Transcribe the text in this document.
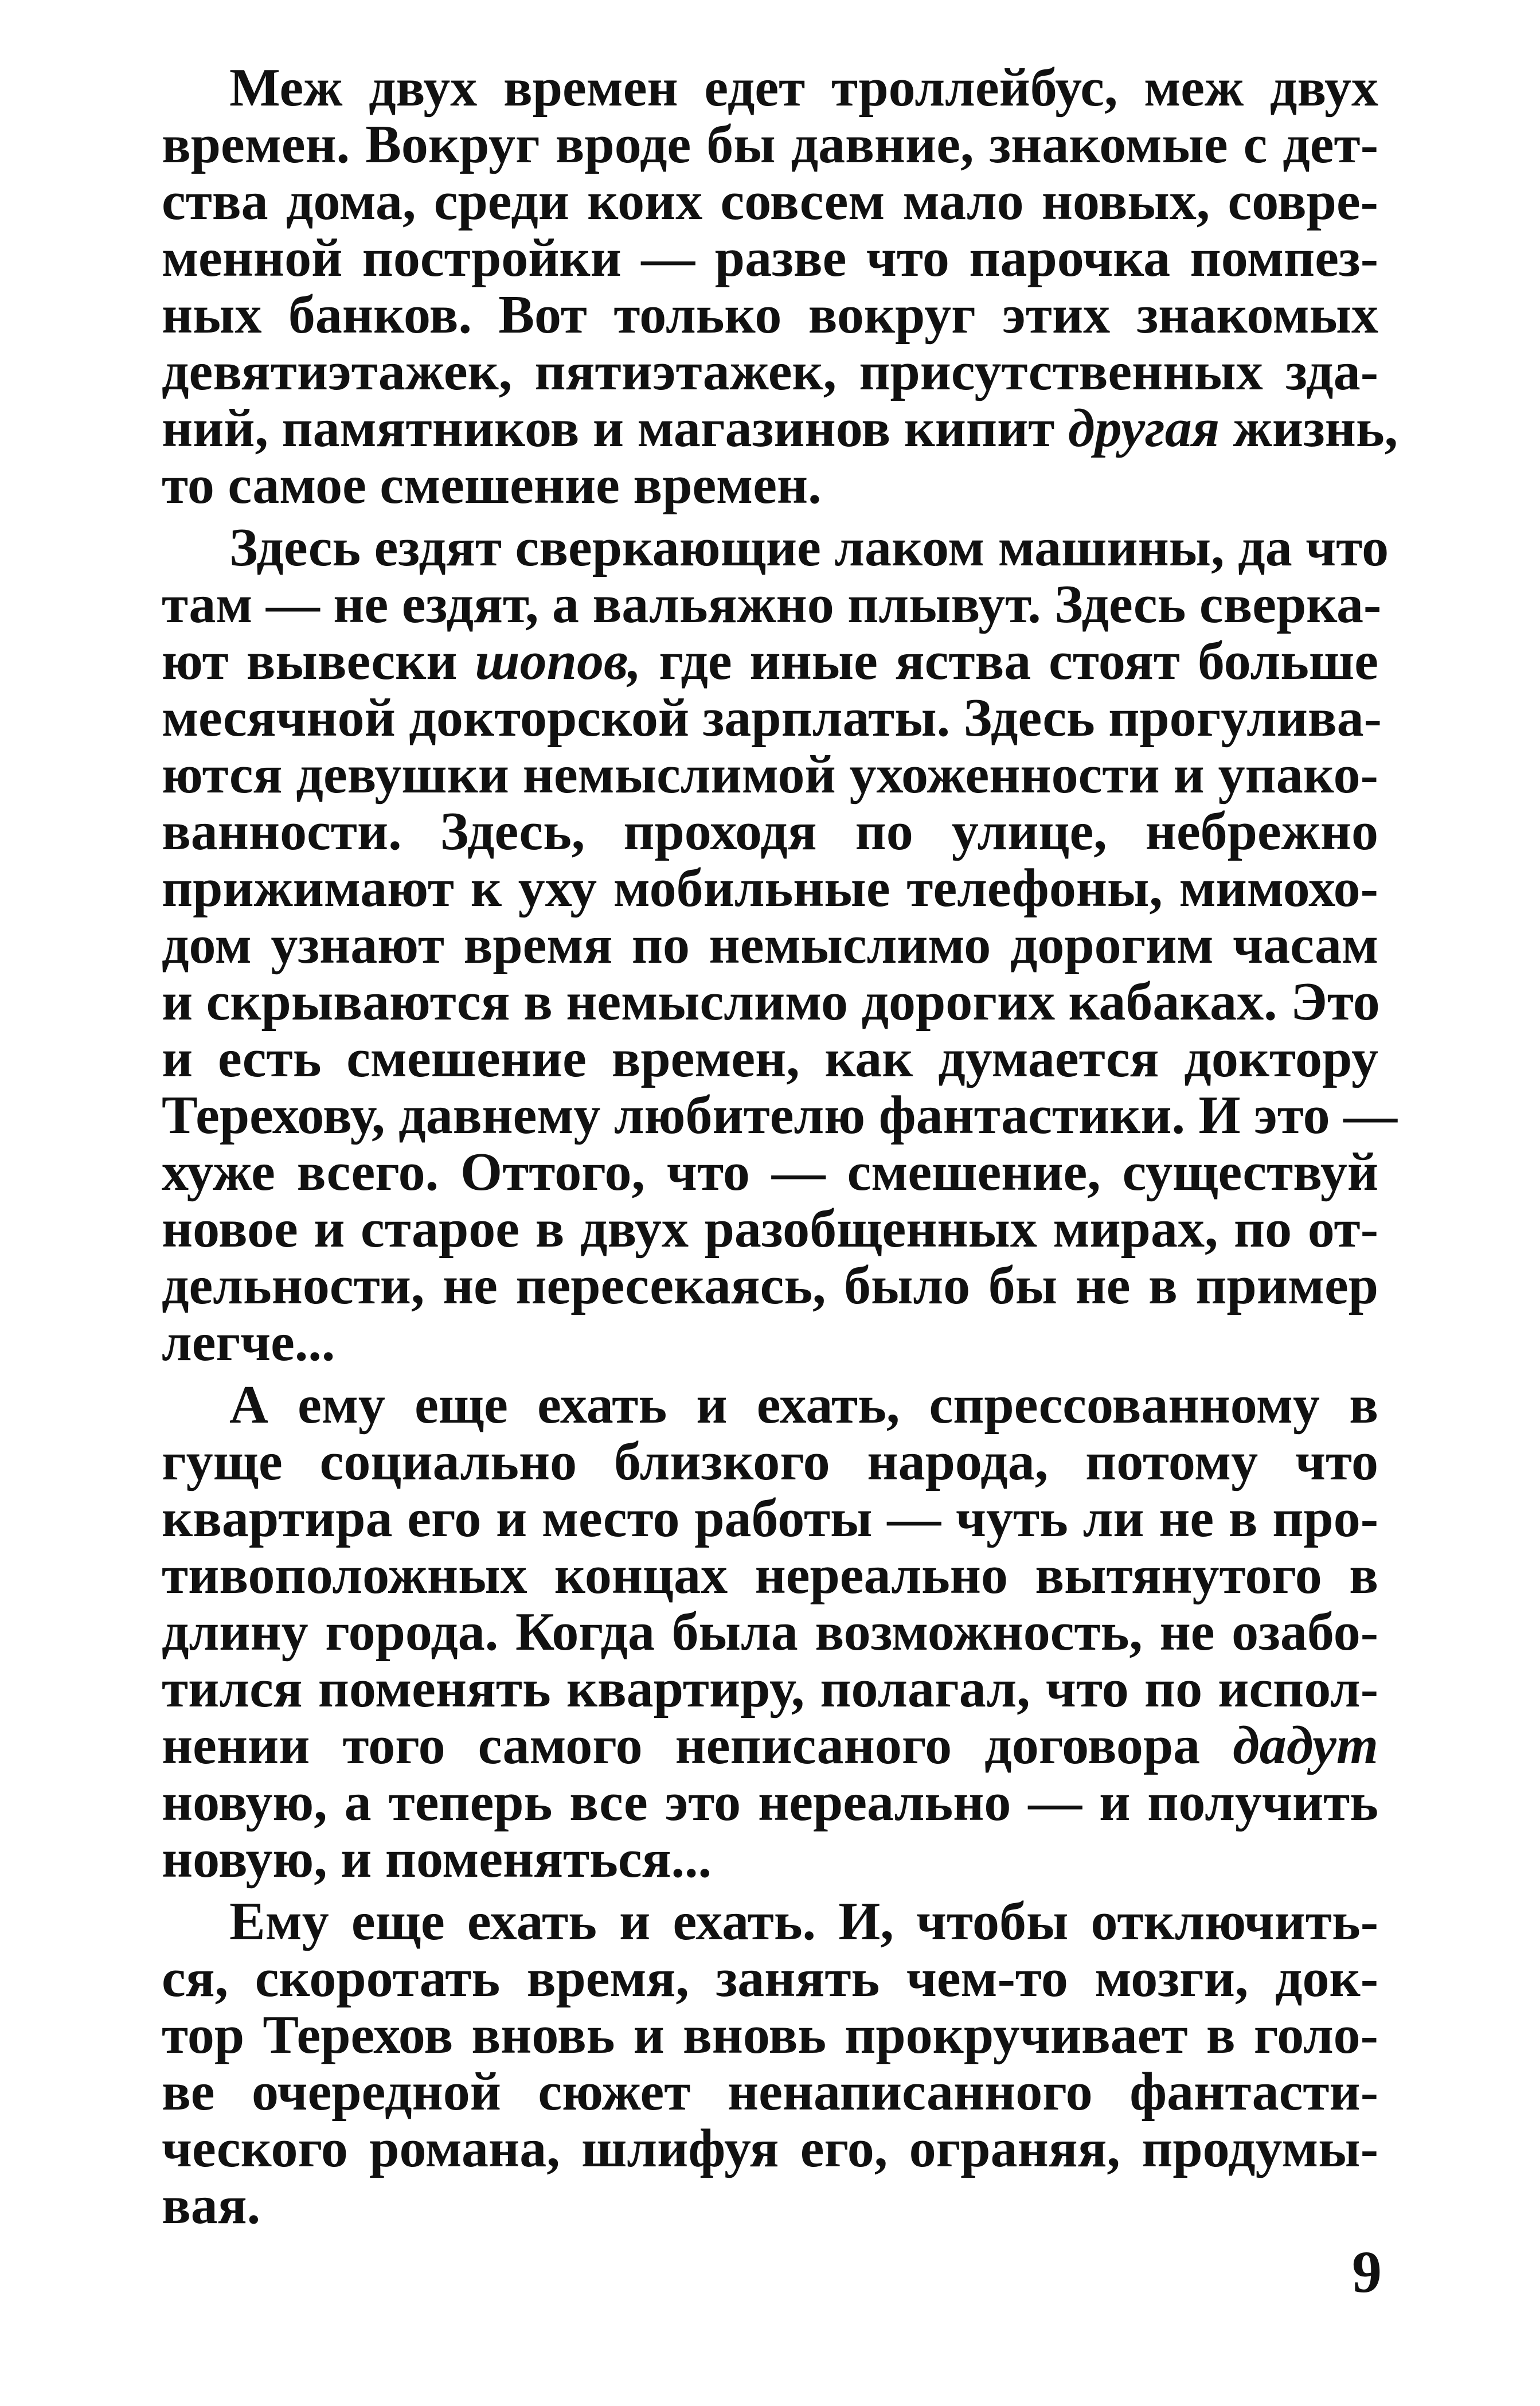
Меж двух времен едет троллейбус, меж двух
времен. Вокруг вроде бы давние, знакомые с дет-
ства дома, среди коих совсем мало новых, совре-
менной постройки — разве что парочка помпез-
ных банков. Вот только вокруг этих знакомых
девятиэтажек, пятиэтажек, присутственных зда-
ний, памятников и магазинов кипит другая жизнь,
то самое смешение времен.

Здесь ездят сверкающие лаком машины, да что
там — не ездят, а вальяжно плывут. Здесь сверка-
ют вывески шопов, где иные яства стоят больше
месячной докторской зарплаты. Здесь прогулива-
ются девушки немыслимой ухоженности и упако-
ванности. Здесь, проходя по улице, небрежно
прижимают к уху мобильные телефоны, мимохо-
дом узнают время по немыслимо дорогим часам
и скрываются в немыслимо дорогих кабаках. Это
и есть смешение времен, как думается доктору
Терехову, давнему любителю фантастики. И это —
хуже всего. Оттого, что — смешение, существуй
новое и старое в двух разобщенных мирах, по от-
дельности, не пересекаясь, было бы не в пример
легче...

А ему еще ехать и ехать, спрессованному в
гуще социально близкого народа, потому что
квартира его и место работы — чуть ли не в про-
тивоположных концах нереально вытянутого в
длину города. Когда была возможность, не озабо-
тился поменять квартиру, полагал, что по испол-
нении того самого неписаного договора дадут
новую, а теперь все это нереально — и получить
новую, и поменяться...

Ему еще ехать и ехать. И, чтобы отключить-
ся, скоротать время, занять чем-то мозги, док-
тор Терехов вновь и вновь прокручивает в голо-
ве очередной сюжет ненаписанного фантасти-
ческого романа, шлифуя его, ограняя, продумы-
вая.

9
